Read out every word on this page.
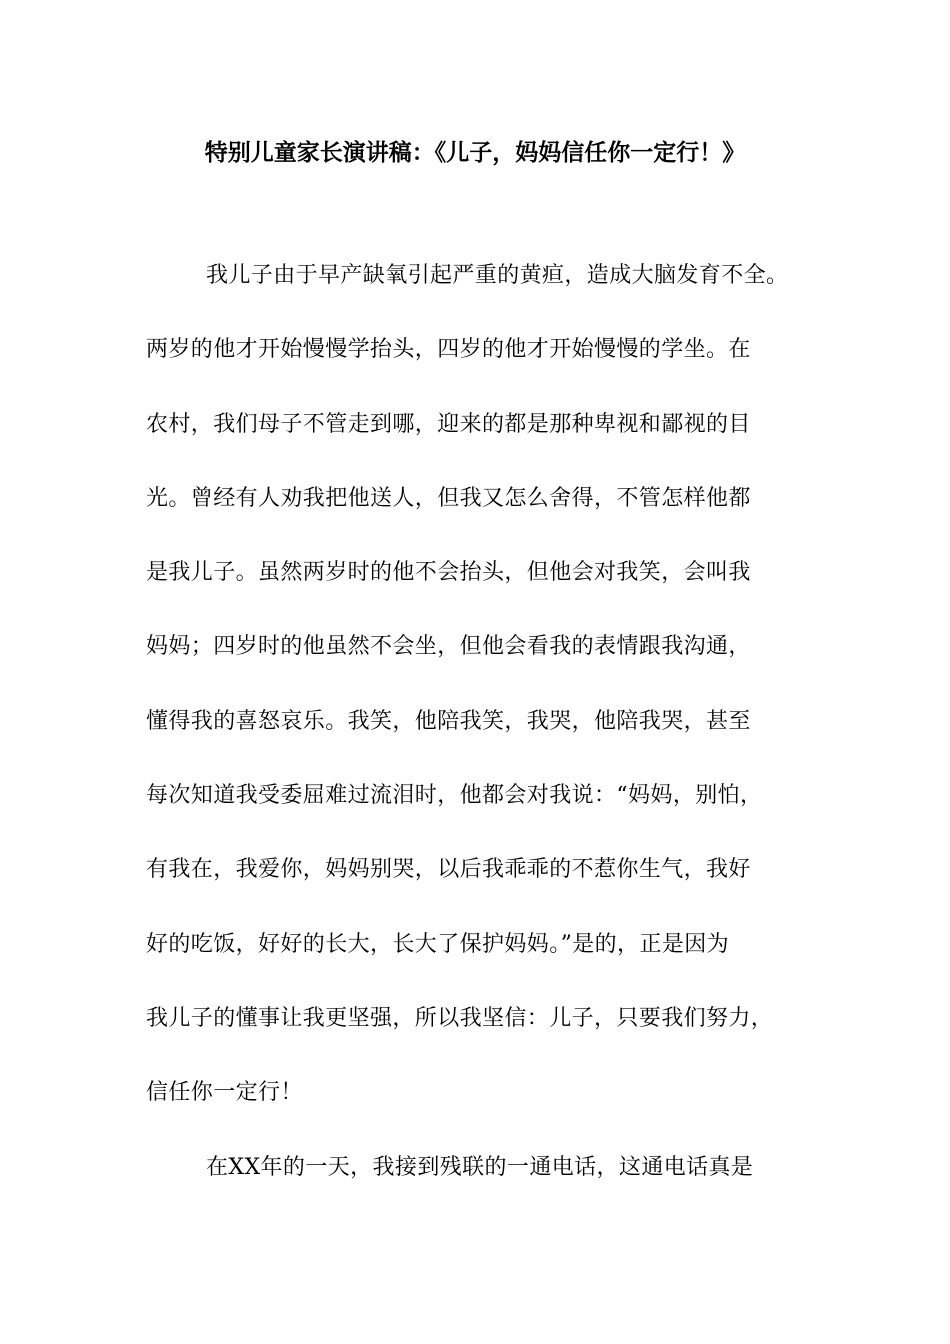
特别儿童家长演讲稿：《儿子，妈妈信任你一定行！》
我儿子由于早产缺氧引起严重的黄疸，造成大脑发育不全。
两岁的他才开始慢慢学抬头，四岁的他才开始慢慢的学坐。在
农村，我们母子不管走到哪，迎来的都是那种卑视和鄙视的目
光。曾经有人劝我把他送人，但我又怎么舍得，不管怎样他都
是我儿子。虽然两岁时的他不会抬头，但他会对我笑，会叫我
妈妈；四岁时的他虽然不会坐，但他会看我的表情跟我沟通，
懂得我的喜怒哀乐。我笑，他陪我笑，我哭，他陪我哭，甚至
每次知道我受委屈难过流泪时，他都会对我说：“妈妈，别怕，
有我在，我爱你，妈妈别哭，以后我乖乖的不惹你生气，我好
好的吃饭，好好的长大，长大了保护妈妈。”是的，正是因为
我儿子的懂事让我更坚强，所以我坚信：儿子，只要我们努力，
信任你一定行！
在XX年的一天，我接到残联的一通电话，这通电话真是
